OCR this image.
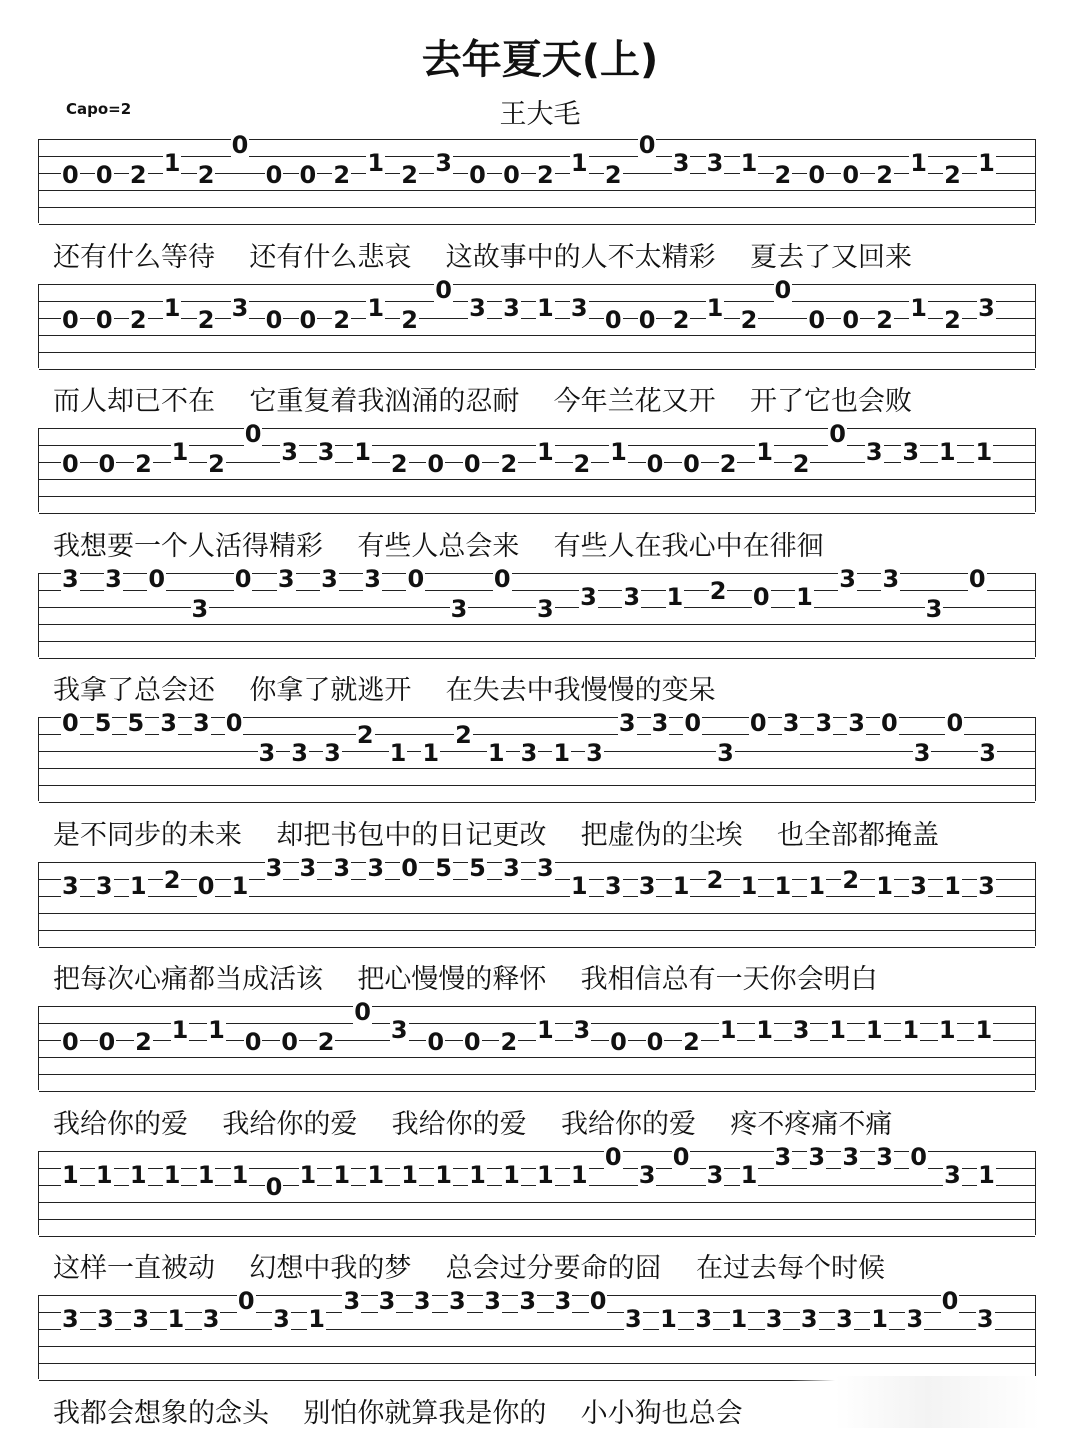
去年夏天(上)
Capo=2	王大毛
0 0 2 1 2
0
0 0 2 1 2 3 0 0 2 1 2
0
3 3 1 2 0 0 2 1 2 1
还有什么等待    还有什么悲哀    这故事中的人不太精彩    夏去了又回来
0 0 2 1 2 3 0 0 2 1 2
0
3 3 1 3 0 0 2 1 2
0
0 0 2 1 2 3
而人却已不在    它重复着我汹涌的忍耐    今年兰花又开    开了它也会败
0 0 2 1 2
0
3 3 1 2 0 0 2 1 2 1 0 0 2 1 2
0
3 3 1 1
我想要一个人活得精彩    有些人总会来    有些人在我心中在徘徊
3 3 0
3
0 3 3 3 0
3
0
3 3 3 1 2 0 1
3 3
3
0
我拿了总会还    你拿了就逃开    在失去中我慢慢的变呆
0 5 5 3 3 0
3 3 3
2
1 1
2
1 3 1 3
3 3 0
3
0 3 3 3 0
3
0
3
是不同步的未来    却把书包中的日记更改    把虚伪的尘埃    也全部都掩盖
3 3 1 2 0 1
3 3 3 3 0 5 5 3 3
1 3 3 1 2 1 1 1 2 1 3 1 3
把每次心痛都当成活该    把心慢慢的释怀    我相信总有一天你会明白
0 0 2 1 1 0 0 2
0
3 0 0 2 1 3 0 0 2 1 1 3 1 1 1 1 1
我给你的爱    我给你的爱    我给你的爱    我给你的爱    疼不疼痛不痛
1 1 1 1 1 1 0 1 1 1 1 1 1 1 1 1
0
3
0
3 1
3 3 3 3 0
3 1
这样一直被动    幻想中我的梦    总会过分要命的囧    在过去每个时候
3 3 3 1 3
0
3 1
3 3 3 3 3 3 3 0
3 1 3 1 3 3 3 1 3
0
3
我都会想象的念头    别怕你就算我是你的    小小狗也总会
